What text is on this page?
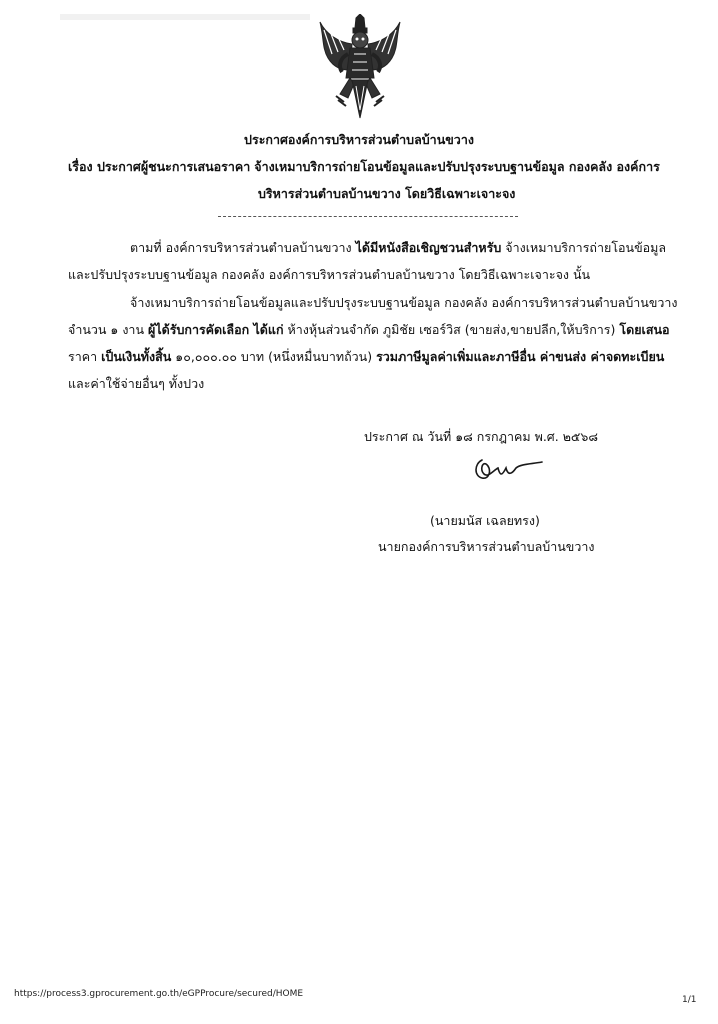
ประกาศองค์การบริหารส่วนตำบลบ้านขวาง
เรื่อง ประกาศผู้ชนะการเสนอราคา จ้างเหมาบริการถ่ายโอนข้อมูลและปรับปรุงระบบฐานข้อมูล กองคลัง องค์การ
บริหารส่วนตำบลบ้านขวาง โดยวิธีเฉพาะเจาะจง
ตามที่ องค์การบริหารส่วนตำบลบ้านขวาง ได้มีหนังสือเชิญชวนสำหรับ จ้างเหมาบริการถ่ายโอนข้อมูล
และปรับปรุงระบบฐานข้อมูล กองคลัง องค์การบริหารส่วนตำบลบ้านขวาง โดยวิธีเฉพาะเจาะจง นั้น
จ้างเหมาบริการถ่ายโอนข้อมูลและปรับปรุงระบบฐานข้อมูล กองคลัง องค์การบริหารส่วนตำบลบ้านขวาง
จำนวน ๑ งาน ผู้ได้รับการคัดเลือก ได้แก่ ห้างหุ้นส่วนจำกัด ภูมิชัย เซอร์วิส (ขายส่ง,ขายปลีก,ให้บริการ) โดยเสนอ
ราคา เป็นเงินทั้งสิ้น ๑๐,๐๐๐.๐๐ บาท (หนึ่งหมื่นบาทถ้วน) รวมภาษีมูลค่าเพิ่มและภาษีอื่น ค่าขนส่ง ค่าจดทะเบียน
และค่าใช้จ่ายอื่นๆ ทั้งปวง
ประกาศ ณ วันที่ ๑๘ กรกฎาคม พ.ศ. ๒๕๖๘
(นายมนัส เฉลยทรง)
นายกองค์การบริหารส่วนตำบลบ้านขวาง
https://process3.gprocurement.go.th/eGPProcure/secured/HOME
1/1
